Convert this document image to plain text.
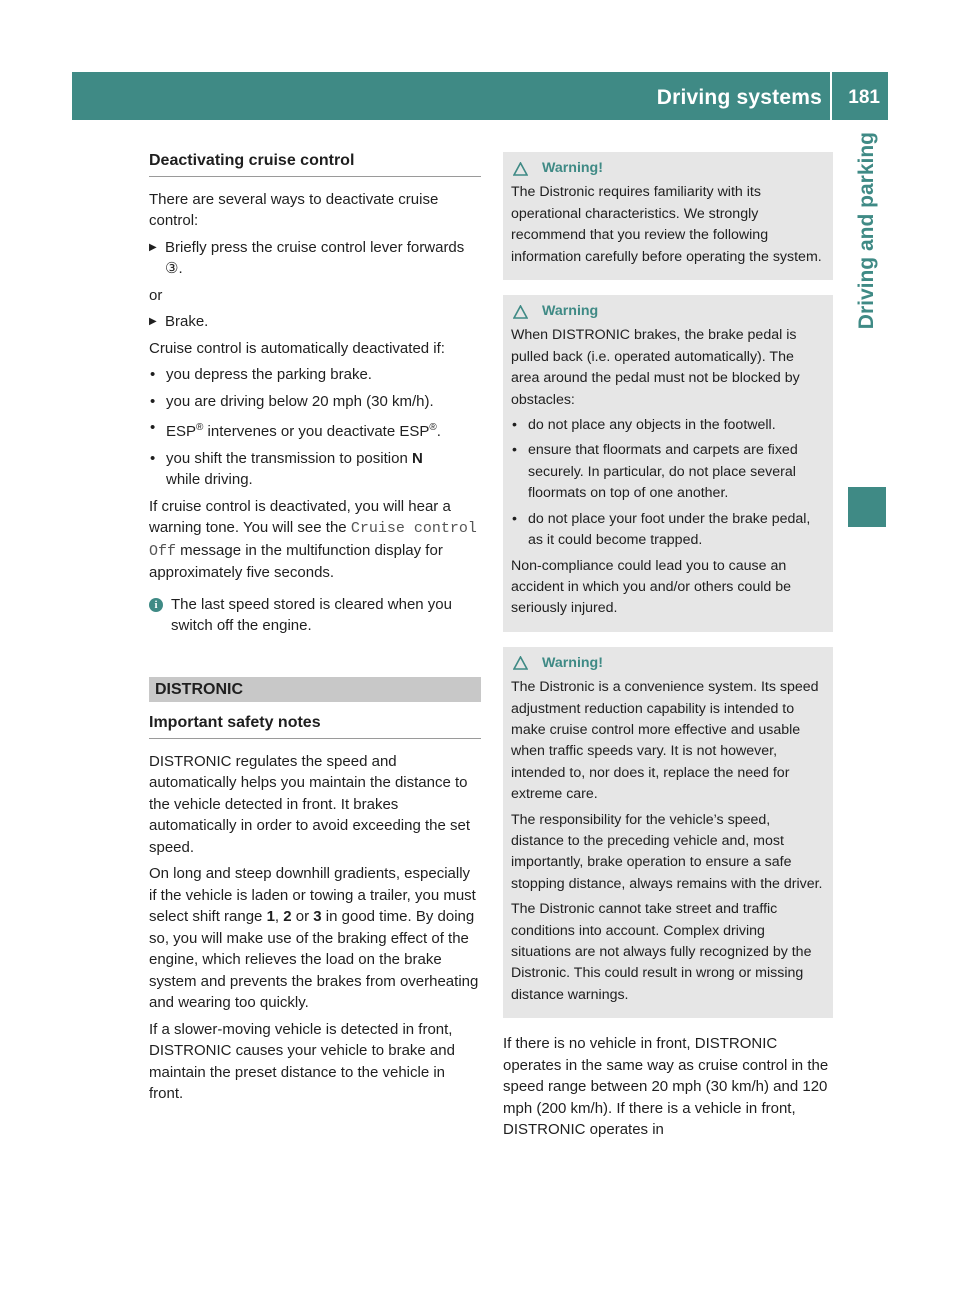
Driving systems 181
Driving and parking
Deactivating cruise control

There are several ways to deactivate cruise control:

▶ Briefly press the cruise control lever forwards ③.

or

▶ Brake.

Cruise control is automatically deactivated if:

• you depress the parking brake.
• you are driving below 20 mph (30 km/h).
• ESP® intervenes or you deactivate ESP®.
• you shift the transmission to position N
while driving.

If cruise control is deactivated, you will hear a warning tone. You will see the Cruise control Off message in the multifunction display for approximately five seconds.

i The last speed stored is cleared when you switch off the engine.
DISTRONIC
Important safety notes

DISTRONIC regulates the speed and automatically helps you maintain the distance to the vehicle detected in front. It brakes automatically in order to avoid exceeding the set speed.

On long and steep downhill gradients, especially if the vehicle is laden or towing a trailer, you must select shift range 1, 2 or 3 in good time. By doing so, you will make use of the braking effect of the engine, which relieves the load on the brake system and prevents the brakes from overheating and wearing too quickly.

If a slower-moving vehicle is detected in front, DISTRONIC causes your vehicle to brake and maintain the preset distance to the vehicle in front.

Warning!

The Distronic requires familiarity with its operational characteristics. We strongly recommend that you review the following information carefully before operating the system.

Warning

When DISTRONIC brakes, the brake pedal is pulled back (i.e. operated automatically). The area around the pedal must not be blocked by obstacles:

• do not place any objects in the footwell.
• ensure that floormats and carpets are fixed securely. In particular, do not place several floormats on top of one another.
• do not place your foot under the brake pedal, as it could become trapped.

Non-compliance could lead you to cause an accident in which you and/or others could be seriously injured.

Warning!

The Distronic is a convenience system. Its speed adjustment reduction capability is intended to make cruise control more effective and usable when traffic speeds vary. It is not however, intended to, nor does it, replace the need for extreme care.

The responsibility for the vehicle’s speed, distance to the preceding vehicle and, most importantly, brake operation to ensure a safe stopping distance, always remains with the driver.

The Distronic cannot take street and traffic conditions into account. Complex driving situations are not always fully recognized by the Distronic. This could result in wrong or missing distance warnings.

If there is no vehicle in front, DISTRONIC operates in the same way as cruise control in the speed range between 20 mph (30 km/h) and 120 mph (200 km/h). If there is a vehicle in front, DISTRONIC operates in
